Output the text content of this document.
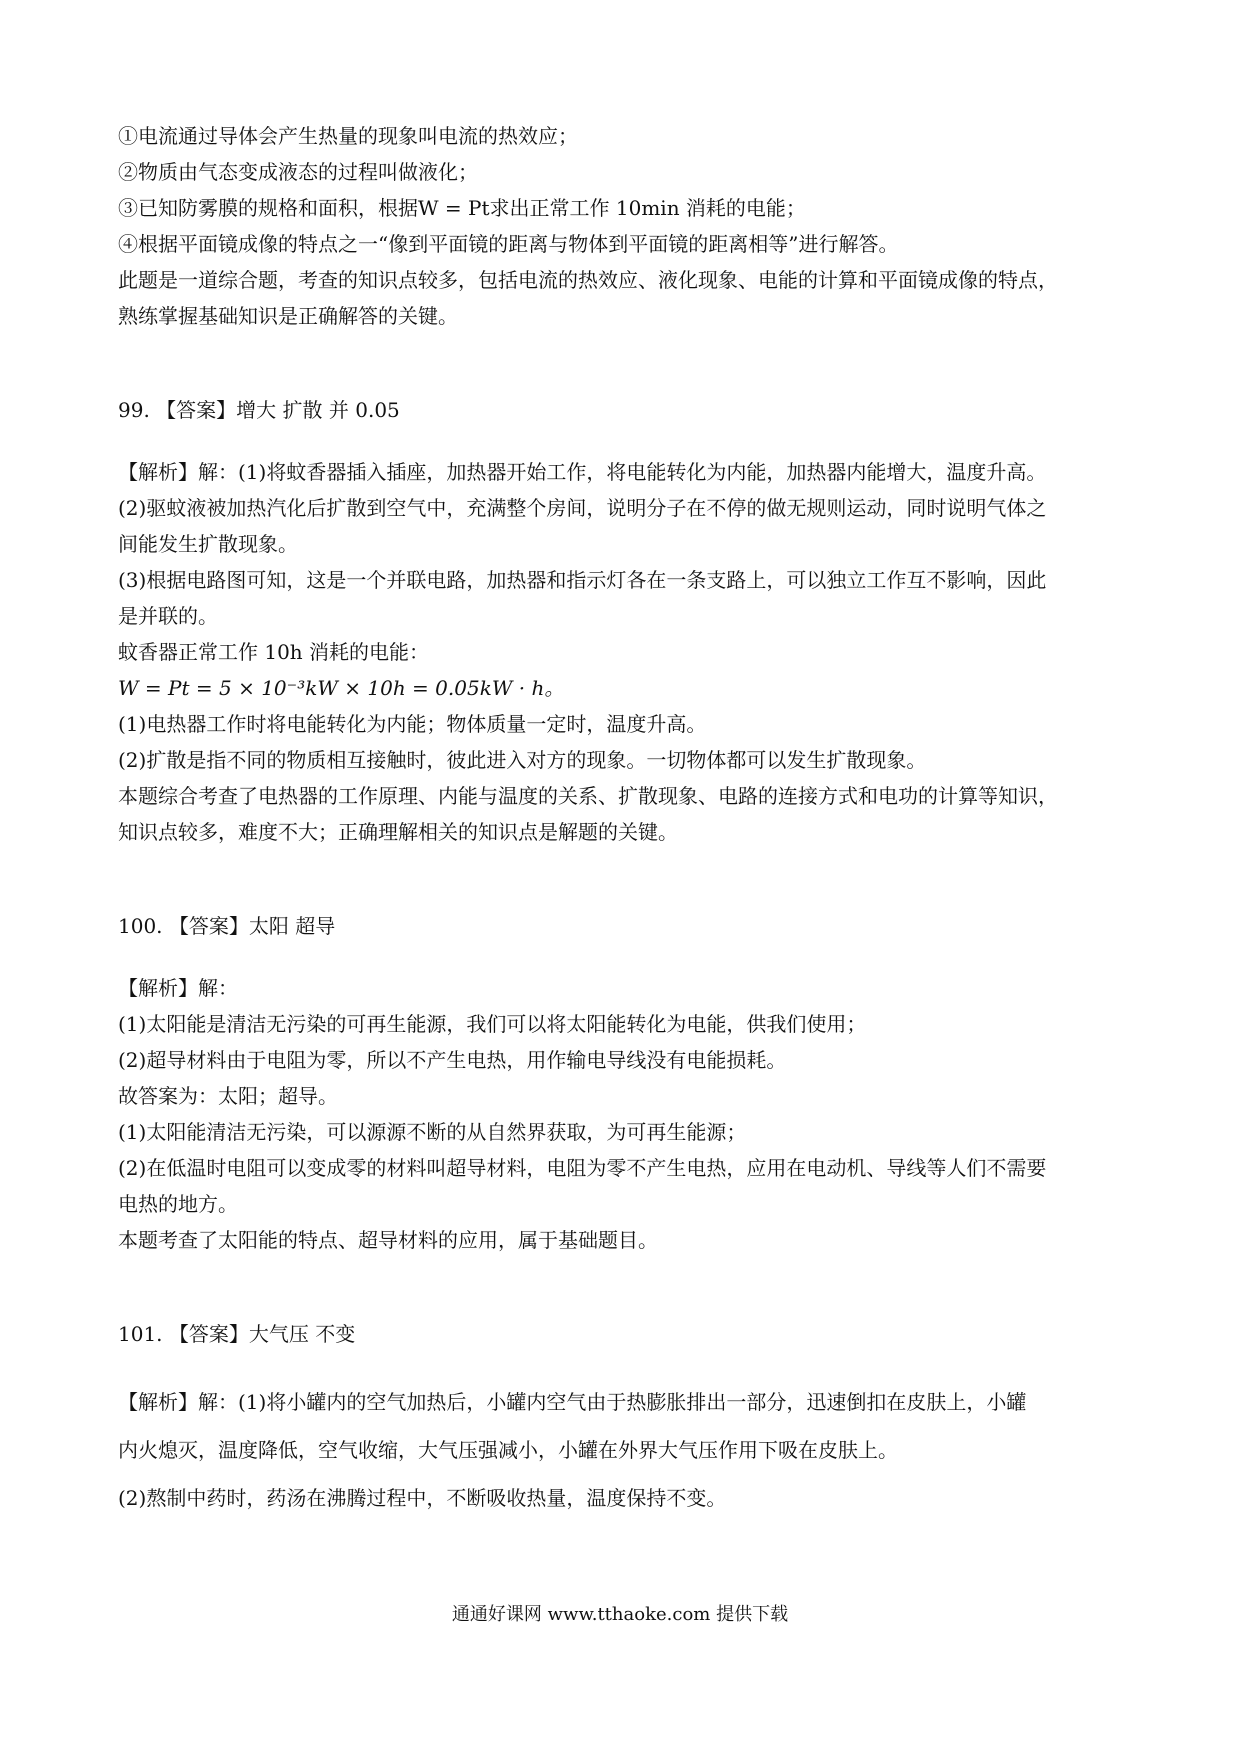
①电流通过导体会产生热量的现象叫电流的热效应；
②物质由气态变成液态的过程叫做液化；
③已知防雾膜的规格和面积，根据W = Pt求出正常工作 10min 消耗的电能；
④根据平面镜成像的特点之一“像到平面镜的距离与物体到平面镜的距离相等”进行解答。
此题是一道综合题，考查的知识点较多，包括电流的热效应、液化现象、电能的计算和平面镜成像的特点，
熟练掌握基础知识是正确解答的关键。
99. 【答案】增大 扩散 并 0.05
【解析】解：(1)将蚊香器插入插座，加热器开始工作，将电能转化为内能，加热器内能增大，温度升高。
(2)驱蚊液被加热汽化后扩散到空气中，充满整个房间，说明分子在不停的做无规则运动，同时说明气体之
间能发生扩散现象。
(3)根据电路图可知，这是一个并联电路，加热器和指示灯各在一条支路上，可以独立工作互不影响，因此
是并联的。
蚊香器正常工作 10h 消耗的电能：
W = Pt = 5 × 10⁻³kW × 10h = 0.05kW · h。
(1)电热器工作时将电能转化为内能；物体质量一定时，温度升高。
(2)扩散是指不同的物质相互接触时，彼此进入对方的现象。一切物体都可以发生扩散现象。
本题综合考查了电热器的工作原理、内能与温度的关系、扩散现象、电路的连接方式和电功的计算等知识，
知识点较多，难度不大；正确理解相关的知识点是解题的关键。
100. 【答案】太阳 超导
【解析】解：
(1)太阳能是清洁无污染的可再生能源，我们可以将太阳能转化为电能，供我们使用；
(2)超导材料由于电阻为零，所以不产生电热，用作输电导线没有电能损耗。
故答案为：太阳；超导。
(1)太阳能清洁无污染，可以源源不断的从自然界获取，为可再生能源；
(2)在低温时电阻可以变成零的材料叫超导材料，电阻为零不产生电热，应用在电动机、导线等人们不需要
电热的地方。
本题考查了太阳能的特点、超导材料的应用，属于基础题目。
101. 【答案】大气压 不变
【解析】解：(1)将小罐内的空气加热后，小罐内空气由于热膨胀排出一部分，迅速倒扣在皮肤上，小罐
内火熄灭，温度降低，空气收缩，大气压强减小，小罐在外界大气压作用下吸在皮肤上。
(2)熬制中药时，药汤在沸腾过程中，不断吸收热量，温度保持不变。
通通好课网 www.tthaoke.com 提供下载
